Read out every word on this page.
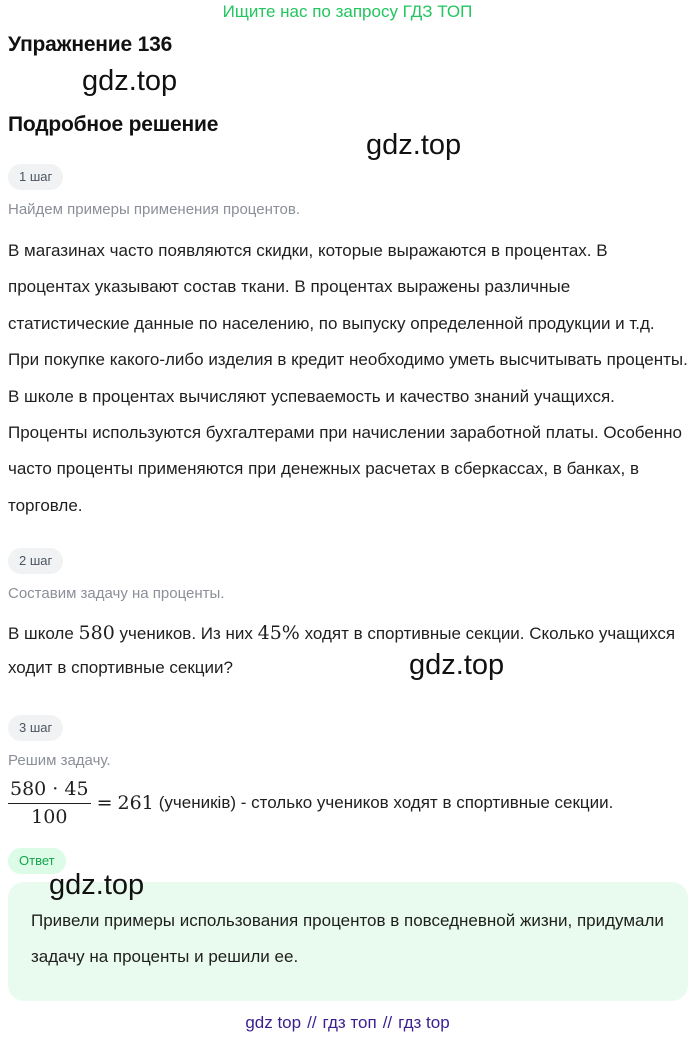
Ищите нас по запросу ГДЗ ТОП
Упражнение 136
gdz.top
Подробное решение
gdz.top
1 шаг
Найдем примеры применения процентов.
В магазинах часто появляются скидки, которые выражаются в процентах. В процентах указывают состав ткани. В процентах выражены различные статистические данные по населению, по выпуску определенной продукции и т.д. При покупке какого-либо изделия в кредит необходимо уметь высчитывать проценты. В школе в процентах вычисляют успеваемость и качество знаний учащихся. Проценты используются бухгалтерами при начислении заработной платы. Особенно часто проценты применяются при денежных расчетах в сберкассах, в банках, в торговле.
2 шаг
Составим задачу на проценты.
В школе 580 учеников. Из них 45% ходят в спортивные секции. Сколько учащихся ходит в спортивные секции?	gdz.top
3 шаг
Решим задачу.
$\frac{580 \cdot 45}{100} = 261$ (учеників) - столько учеников ходят в спортивные секции.
Ответ
Привели примеры использования процентов в повседневной жизни, придумали задачу на проценты и решили ее.
gdz.top
gdz top // гдз топ // гдз top
